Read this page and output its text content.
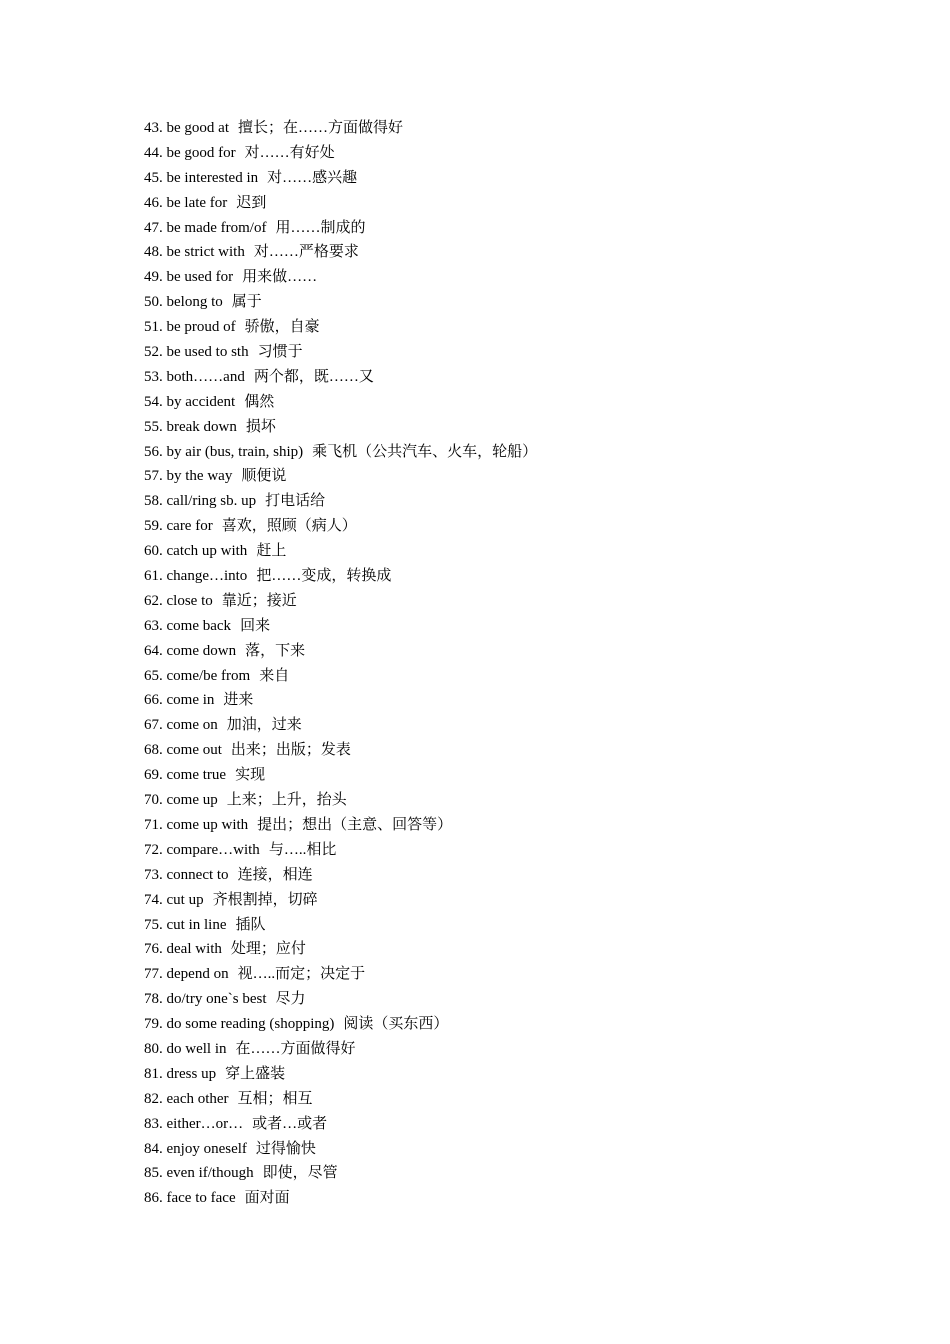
43. be good at 擅长；在……方面做得好
44. be good for 对……有好处
45. be interested in 对……感兴趣
46. be late for 迟到
47. be made from/of 用……制成的
48. be strict with 对……严格要求
49. be used for 用来做……
50. belong to 属于
51. be proud of 骄傲，自豪
52. be used to sth 习惯于
53. both……and 两个都，既……又
54. by accident 偶然
55. break down 损坏
56. by air (bus, train, ship) 乘飞机（公共汽车、火车，轮船）
57. by the way 顺便说
58. call/ring sb. up 打电话给
59. care for 喜欢，照顾（病人）
60. catch up with 赶上
61. change…into 把……变成，转换成
62. close to 靠近；接近
63. come back 回来
64. come down 落，下来
65. come/be from 来自
66. come in 进来
67. come on 加油，过来
68. come out 出来；出版；发表
69. come true 实现
70. come up 上来；上升，抬头
71. come up with 提出；想出（主意、回答等）
72. compare…with 与…..相比
73. connect to 连接，相连
74. cut up 齐根割掉，切碎
75. cut in line 插队
76. deal with 处理；应付
77. depend on 视…..而定；决定于
78. do/try one`s best 尽力
79. do some reading (shopping) 阅读（买东西）
80. do well in 在……方面做得好
81. dress up 穿上盛装
82. each other 互相；相互
83. either…or… 或者…或者
84. enjoy oneself 过得愉快
85. even if/though 即使，尽管
86. face to face 面对面
